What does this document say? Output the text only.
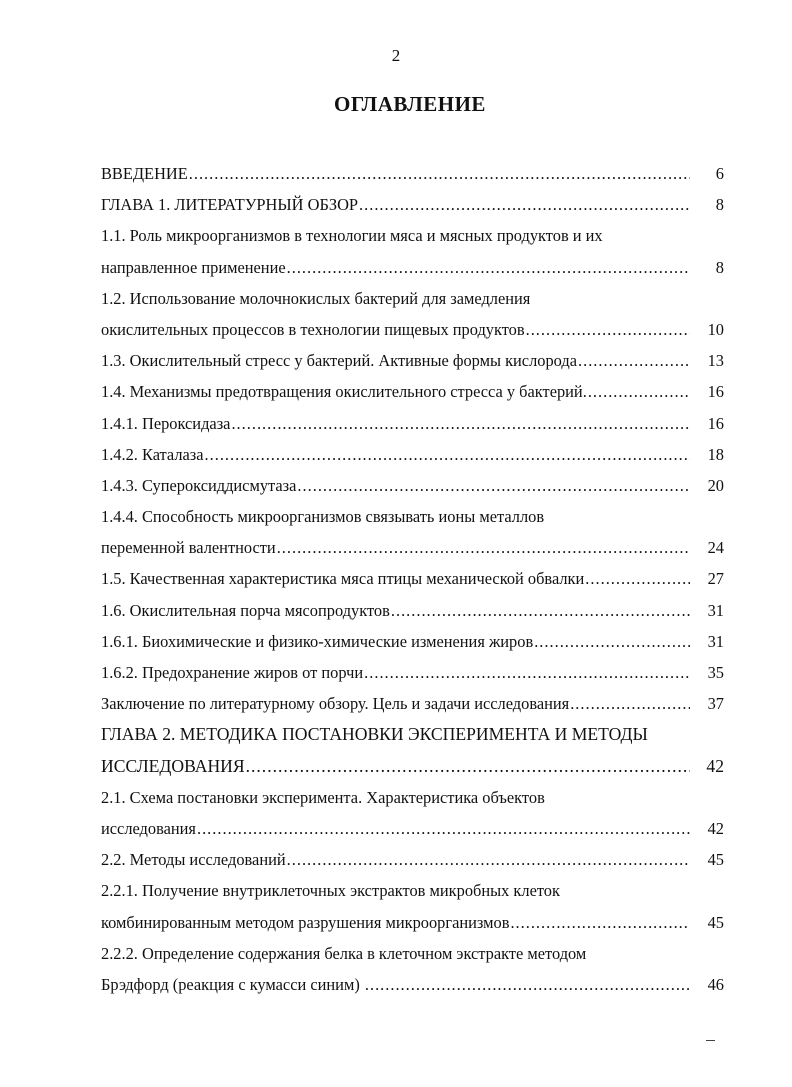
2
ОГЛАВЛЕНИЕ
ВВЕДЕНИЕ .....	6
ГЛАВА 1. ЛИТЕРАТУРНЫЙ ОБЗОР .....	8
1.1. Роль микроорганизмов в технологии мяса и мясных продуктов и их
направленное применение .....	8
1.2. Использование молочнокислых бактерий для замедления
окислительных процессов в технологии пищевых продуктов .....	10
1.3. Окислительный стресс у бактерий. Активные формы кислорода .....	13
1.4. Механизмы предотвращения окислительного стресса у бактерий. .....	16
1.4.1. Пероксидаза .....	16
1.4.2. Каталаза .....	18
1.4.3. Супероксиддисмутаза .....	20
1.4.4. Способность микроорганизмов связывать ионы металлов
переменной валентности .....	24
1.5. Качественная характеристика мяса птицы механической обвалки .....	27
1.6. Окислительная порча мясопродуктов .....	31
1.6.1. Биохимические и физико-химические изменения жиров .....	31
1.6.2. Предохранение жиров от порчи .....	35
Заключение по литературному обзору. Цель и задачи исследования .....	37
ГЛАВА 2. МЕТОДИКА ПОСТАНОВКИ ЭКСПЕРИМЕНТА И МЕТОДЫ
ИССЛЕДОВАНИЯ .....	42
2.1. Схема постановки эксперимента. Характеристика объектов
исследования .....	42
2.2. Методы исследований .....	45
2.2.1. Получение внутриклеточных экстрактов микробных клеток
комбинированным методом разрушения микроорганизмов .....	45
2.2.2. Определение содержания белка в клеточном экстракте методом
Брэдфорд (реакция с кумасси синим) .....	46
